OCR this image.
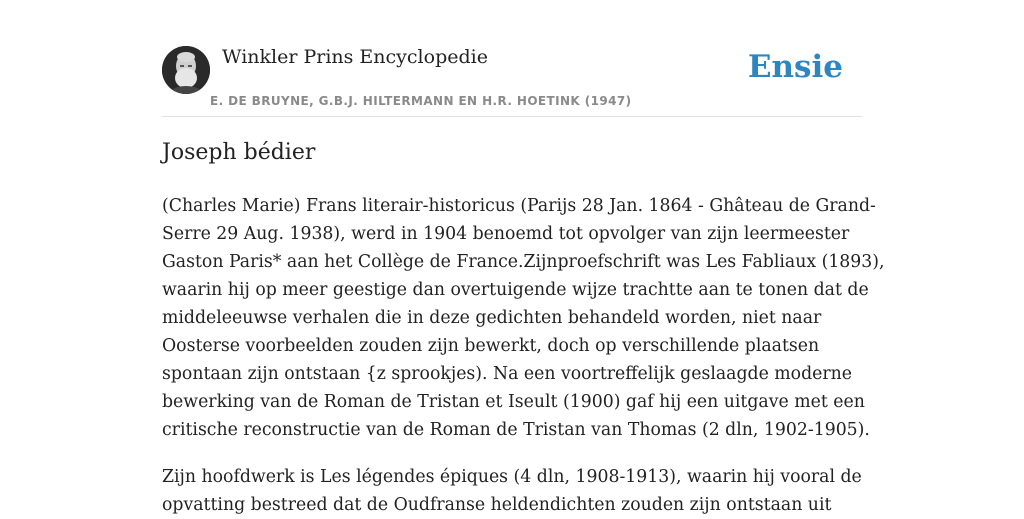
Winkler Prins Encyclopedie
E. DE BRUYNE, G.B.J. HILTERMANN EN H.R. HOETINK (1947)
Ensie
Joseph bédier

(Charles Marie) Frans literair-historicus (Parijs 28 Jan. 1864 - Ghâteau de Grand-
Serre 29 Aug. 1938), werd in 1904 benoemd tot opvolger van zijn leermeester
Gaston Paris* aan het Collège de France.Zijnproefschrift was Les Fabliaux (1893),
waarin hij op meer geestige dan overtuigende wijze trachtte aan te tonen dat de
middeleeuwse verhalen die in deze gedichten behandeld worden, niet naar
Oosterse voorbeelden zouden zijn bewerkt, doch op verschillende plaatsen
spontaan zijn ontstaan {z sprookjes). Na een voortreffelijk geslaagde moderne
bewerking van de Roman de Tristan et Iseult (1900) gaf hij een uitgave met een
critische reconstructie van de Roman de Tristan van Thomas (2 dln, 1902-1905).

Zijn hoofdwerk is Les légendes épiques (4 dln, 1908-1913), waarin hij vooral de
opvatting bestreed dat de Oudfranse heldendichten zouden zijn ontstaan uit
